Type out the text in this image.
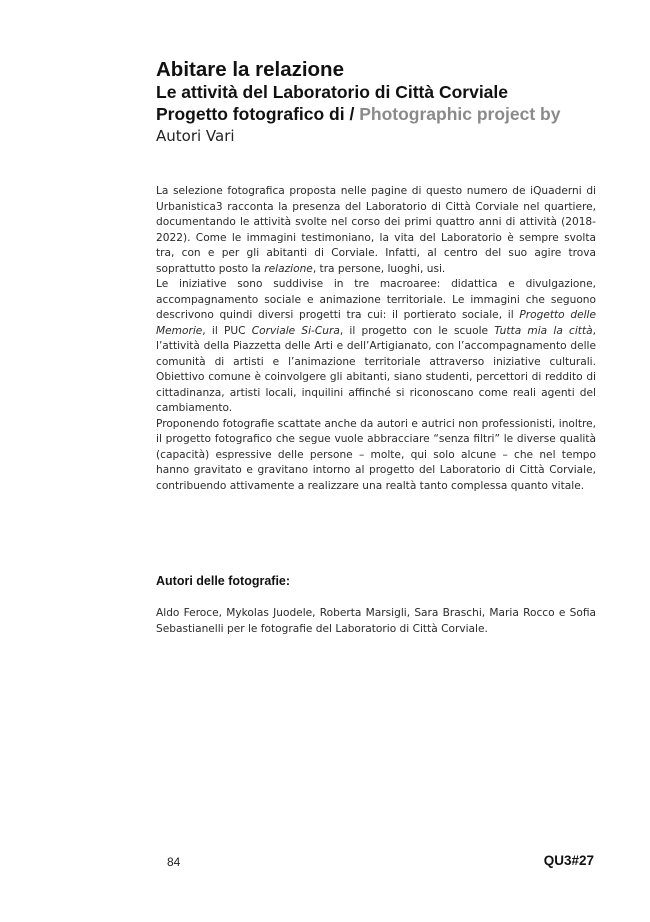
Abitare la relazione
Le attività del Laboratorio di Città Corviale
Progetto fotografico di / Photographic project by
Autori Vari

La selezione fotografica proposta nelle pagine di questo numero de iQuaderni di Urbanistica3 racconta la presenza del Laboratorio di Città Corviale nel quartiere, documentando le attività svolte nel corso dei primi quattro anni di attività (2018-2022). Come le immagini testimoniano, la vita del Laboratorio è sempre svolta tra, con e per gli abitanti di Corviale. Infatti, al centro del suo agire trova soprattutto posto la relazione, tra persone, luoghi, usi.

Le iniziative sono suddivise in tre macroaree: didattica e divulgazione, accompagnamento sociale e animazione territoriale. Le immagini che seguono descrivono quindi diversi progetti tra cui: il portierato sociale, il Progetto delle Memorie, il PUC Corviale Si-Cura, il progetto con le scuole Tutta mia la città, l’attività della Piazzetta delle Arti e dell’Artigianato, con l’accompagnamento delle comunità di artisti e l’animazione territoriale attraverso iniziative culturali. Obiettivo comune è coinvolgere gli abitanti, siano studenti, percettori di reddito di cittadinanza, artisti locali, inquilini affinché si riconoscano come reali agenti del cambiamento.

Proponendo fotografie scattate anche da autori e autrici non professionisti, inoltre, il progetto fotografico che segue vuole abbracciare “senza filtri” le diverse qualità (capacità) espressive delle persone – molte, qui solo alcune – che nel tempo hanno gravitato e gravitano intorno al progetto del Laboratorio di Città Corviale, contribuendo attivamente a realizzare una realtà tanto complessa quanto vitale.

Autori delle fotografie:

Aldo Feroce, Mykolas Juodele, Roberta Marsigli, Sara Braschi, Maria Rocco e Sofia Sebastianelli per le fotografie del Laboratorio di Città Corviale.

84	QU3#27
